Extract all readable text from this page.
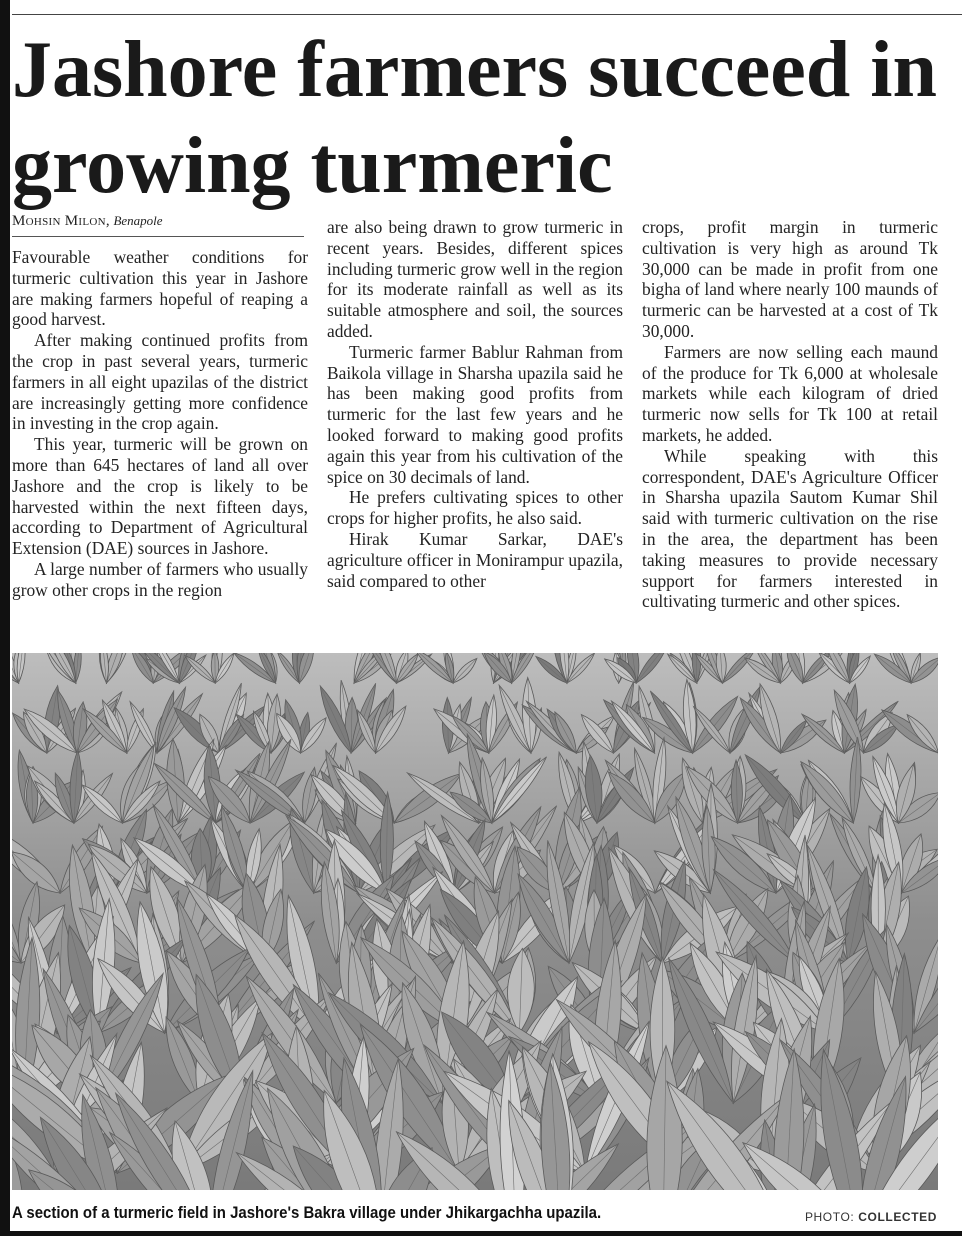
Jashore farmers succeed in growing turmeric
Mohsin Milon, Benapole

Favourable weather conditions for turmeric cultivation this year in Jashore are making farmers hopeful of reaping a good harvest.

After making continued profits from the crop in past several years, turmeric farmers in all eight upazilas of the district are increasingly getting more confidence in investing in the crop again.

This year, turmeric will be grown on more than 645 hectares of land all over Jashore and the crop is likely to be harvested within the next fifteen days, according to Department of Agricultural Extension (DAE) sources in Jashore.

A large number of farmers who usually grow other crops in the region

are also being drawn to grow turmeric in recent years. Besides, different spices including turmeric grow well in the region for its moderate rainfall as well as its suitable atmosphere and soil, the sources added.

Turmeric farmer Bablur Rahman from Baikola village in Sharsha upazila said he has been making good profits from turmeric for the last few years and he looked forward to making good profits again this year from his cultivation of the spice on 30 decimals of land.

He prefers cultivating spices to other crops for higher profits, he also said.

Hirak Kumar Sarkar, DAE's agriculture officer in Monirampur upazila, said compared to other

crops, profit margin in turmeric cultivation is very high as around Tk 30,000 can be made in profit from one bigha of land where nearly 100 maunds of turmeric can be harvested at a cost of Tk 30,000.

Farmers are now selling each maund of the produce for Tk 6,000 at wholesale markets while each kilogram of dried turmeric now sells for Tk 100 at retail markets, he added.

While speaking with this correspondent, DAE's Agriculture Officer in Sharsha upazila Sautom Kumar Shil said with turmeric cultivation on the rise in the area, the department has been taking measures to provide necessary support for farmers interested in cultivating turmeric and other spices.

A section of a turmeric field in Jashore's Bakra village under Jhikargachha upazila.	PHOTO: COLLECTED
